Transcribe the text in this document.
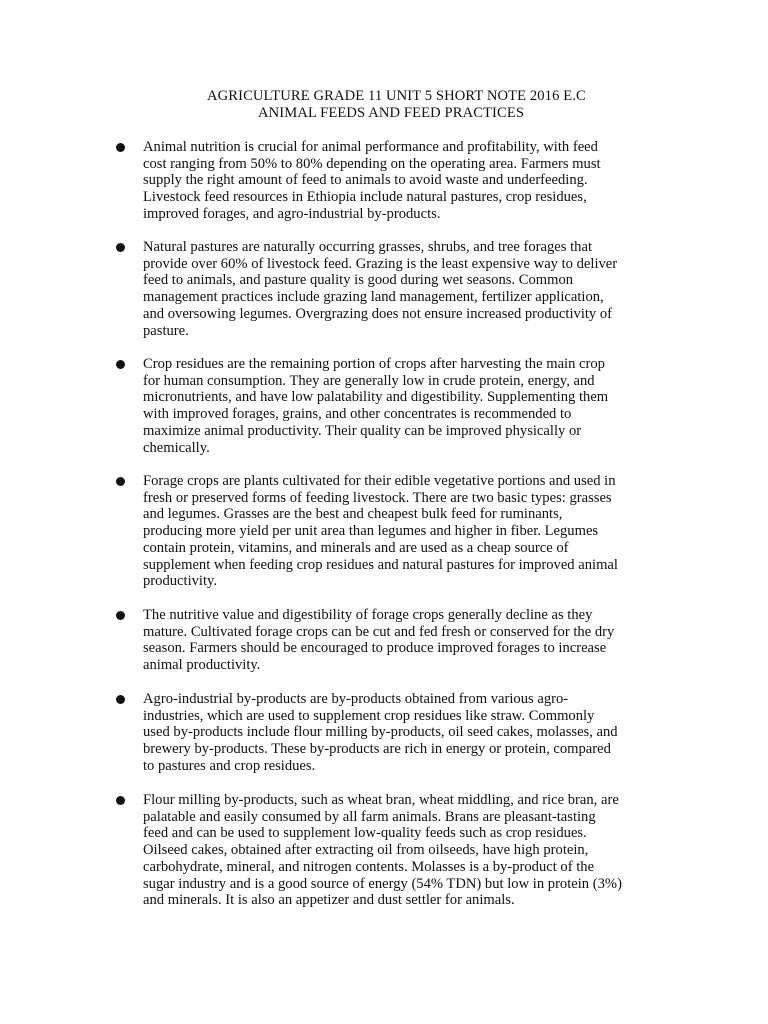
AGRICULTURE GRADE 11 UNIT 5 SHORT NOTE 2016 E.C
ANIMAL FEEDS AND FEED PRACTICES
Animal nutrition is crucial for animal performance and profitability, with feed
cost ranging from 50% to 80% depending on the operating area. Farmers must
supply the right amount of feed to animals to avoid waste and underfeeding.
Livestock feed resources in Ethiopia include natural pastures, crop residues,
improved forages, and agro-industrial by-products.
Natural pastures are naturally occurring grasses, shrubs, and tree forages that
provide over 60% of livestock feed. Grazing is the least expensive way to deliver
feed to animals, and pasture quality is good during wet seasons. Common
management practices include grazing land management, fertilizer application,
and oversowing legumes. Overgrazing does not ensure increased productivity of
pasture.
Crop residues are the remaining portion of crops after harvesting the main crop
for human consumption. They are generally low in crude protein, energy, and
micronutrients, and have low palatability and digestibility. Supplementing them
with improved forages, grains, and other concentrates is recommended to
maximize animal productivity. Their quality can be improved physically or
chemically.
Forage crops are plants cultivated for their edible vegetative portions and used in
fresh or preserved forms of feeding livestock. There are two basic types: grasses
and legumes. Grasses are the best and cheapest bulk feed for ruminants,
producing more yield per unit area than legumes and higher in fiber. Legumes
contain protein, vitamins, and minerals and are used as a cheap source of
supplement when feeding crop residues and natural pastures for improved animal
productivity.
The nutritive value and digestibility of forage crops generally decline as they
mature. Cultivated forage crops can be cut and fed fresh or conserved for the dry
season. Farmers should be encouraged to produce improved forages to increase
animal productivity.
Agro-industrial by-products are by-products obtained from various agro-
industries, which are used to supplement crop residues like straw. Commonly
used by-products include flour milling by-products, oil seed cakes, molasses, and
brewery by-products. These by-products are rich in energy or protein, compared
to pastures and crop residues.
Flour milling by-products, such as wheat bran, wheat middling, and rice bran, are
palatable and easily consumed by all farm animals. Brans are pleasant-tasting
feed and can be used to supplement low-quality feeds such as crop residues.
Oilseed cakes, obtained after extracting oil from oilseeds, have high protein,
carbohydrate, mineral, and nitrogen contents. Molasses is a by-product of the
sugar industry and is a good source of energy (54% TDN) but low in protein (3%)
and minerals. It is also an appetizer and dust settler for animals.
